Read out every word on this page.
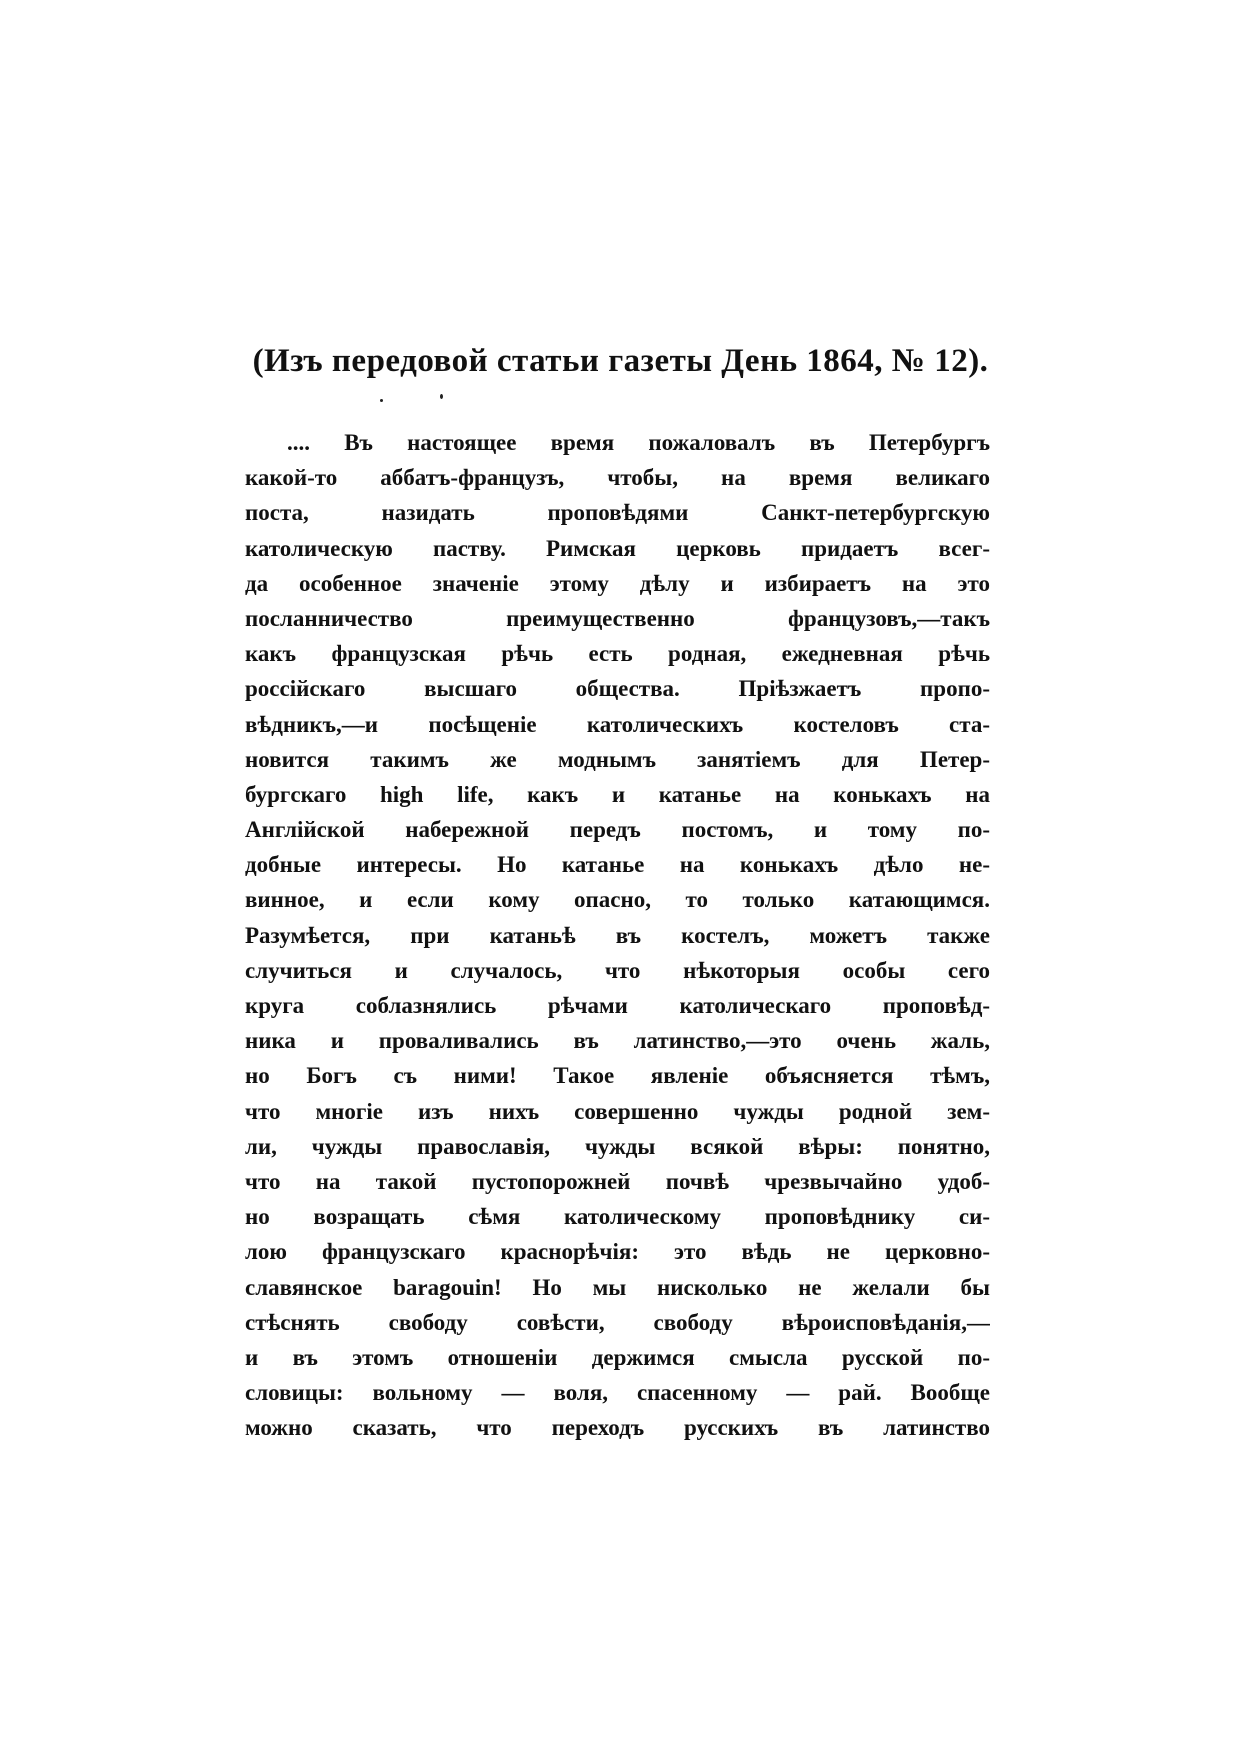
(Изъ передовой статьи газеты День 1864, № 12).
.... Въ настоящее время пожаловалъ въ Петербургъ
какой-то аббатъ-французъ, чтобы, на время великаго
поста, назидать проповѣдями Санкт-петербургскую
католическую паству. Римская церковь придаетъ всег-
да особенное значеніе этому дѣлу и избираетъ на это
посланничество преимущественно французовъ,—такъ
какъ французская рѣчь есть родная, ежедневная рѣчь
россійскаго высшаго общества. Пріѣзжаетъ пропо-
вѣдникъ,—и посѣщеніе католическихъ костеловъ ста-
новится такимъ же моднымъ занятіемъ для Петер-
бургскаго high life, какъ и катанье на конькахъ на
Англійской набережной передъ постомъ, и тому по-
добные интересы. Но катанье на конькахъ дѣло не-
винное, и если кому опасно, то только катающимся.
Разумѣется, при катаньѣ въ костелъ, можетъ также
случиться и случалось, что нѣкоторыя особы сего
круга соблазнялись рѣчами католическаго проповѣд-
ника и проваливались въ латинство,—это очень жаль,
но Богъ съ ними! Такое явленіе объясняется тѣмъ,
что многіе изъ нихъ совершенно чужды родной зем-
ли, чужды православія, чужды всякой вѣры: понятно,
что на такой пустопорожней почвѣ чрезвычайно удоб-
но возращать сѣмя католическому проповѣднику си-
лою французскаго краснорѣчія: это вѣдь не церковно-
славянское baragouin! Но мы нисколько не желали бы
стѣснять свободу совѣсти, свободу вѣроисповѣданія,—
и въ этомъ отношеніи держимся смысла русской по-
словицы: вольному — воля, спасенному — рай. Вообще
можно сказать, что переходъ русскихъ въ латинство
